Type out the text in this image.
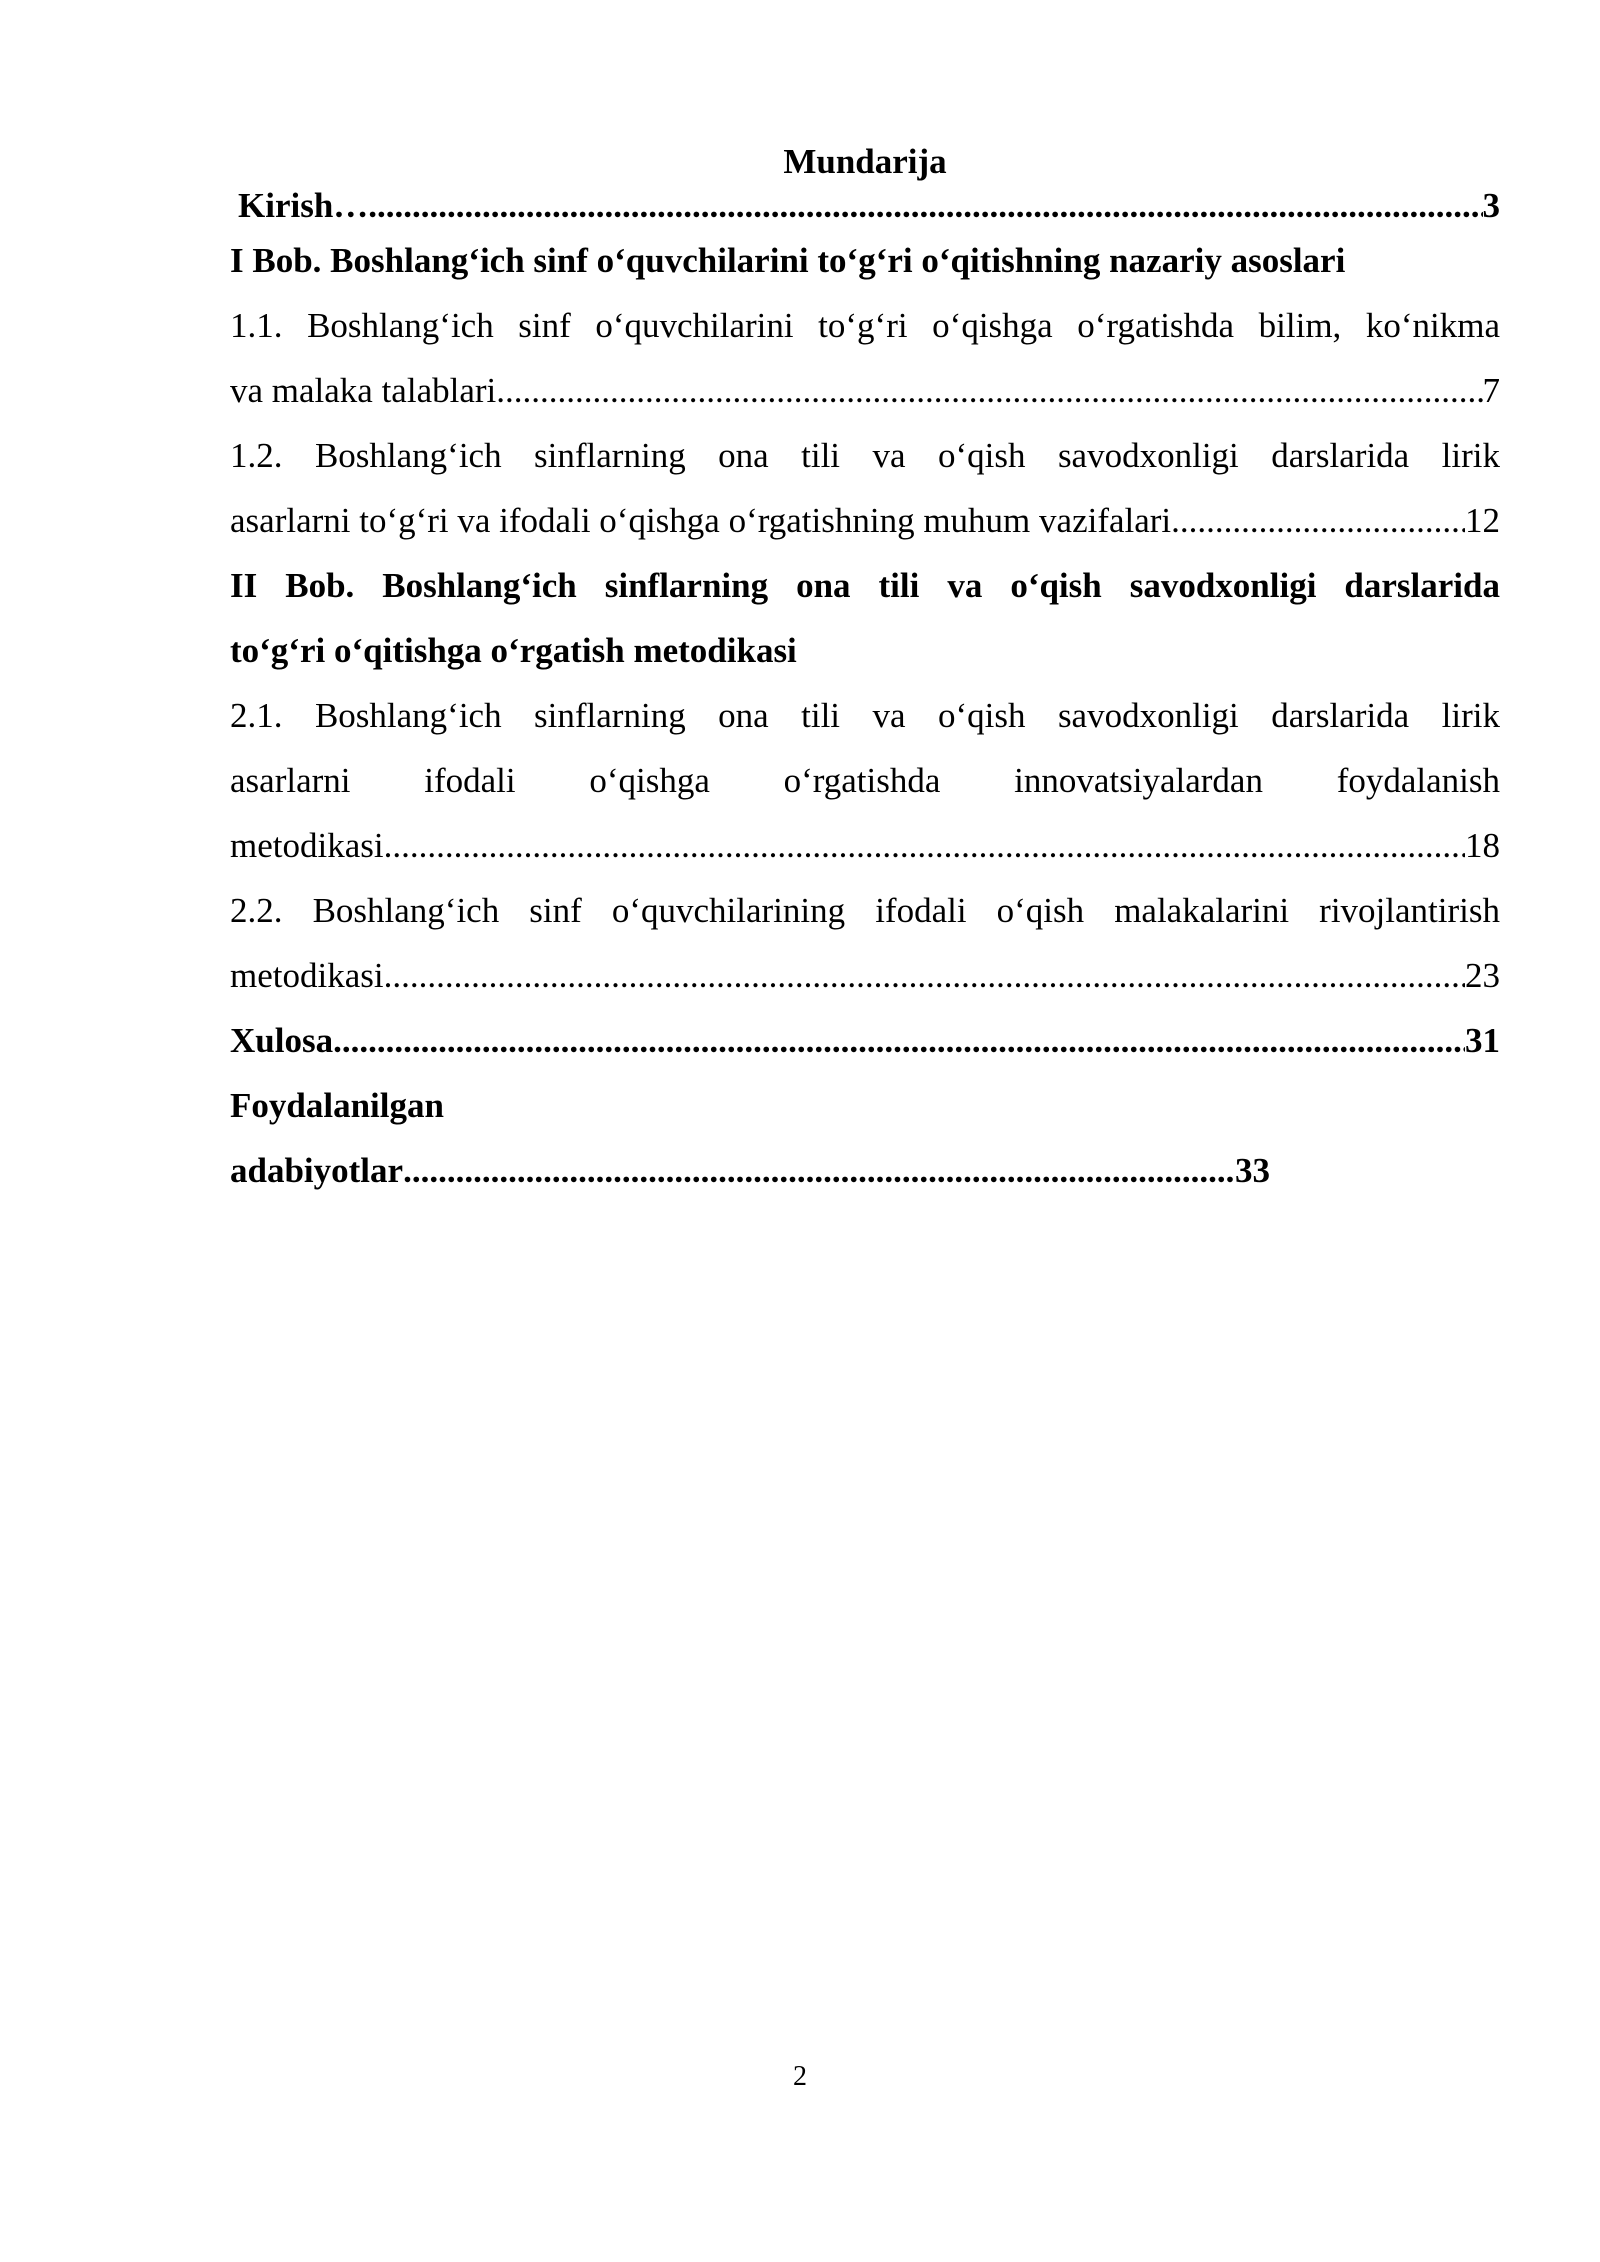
Mundarija
Kirish… .....	3
I Bob. Boshlang‘ich sinf o‘quvchilarini to‘g‘ri o‘qitishning nazariy asoslari
1.1. Boshlang‘ich sinf o‘quvchilarini to‘g‘ri o‘qishga o‘rgatishda bilim, ko‘nikma
va malaka talablari .....	7
1.2. Boshlang‘ich sinflarning ona tili va o‘qish savodxonligi darslarida lirik
asarlarni to‘g‘ri va ifodali o‘qishga o‘rgatishning muhum vazifalari .....	12
II Bob. Boshlang‘ich sinflarning ona tili va o‘qish savodxonligi darslarida
to‘g‘ri o‘qitishga o‘rgatish metodikasi
2.1. Boshlang‘ich sinflarning ona tili va o‘qish savodxonligi darslarida lirik
asarlarni ifodali o‘qishga o‘rgatishda innovatsiyalardan foydalanish
metodikasi .....	18
2.2. Boshlang‘ich sinf o‘quvchilarining ifodali o‘qish malakalarini rivojlantirish
metodikasi .....	23
Xulosa .....	31
Foydalanilgan
adabiyotlar .....	33
2
